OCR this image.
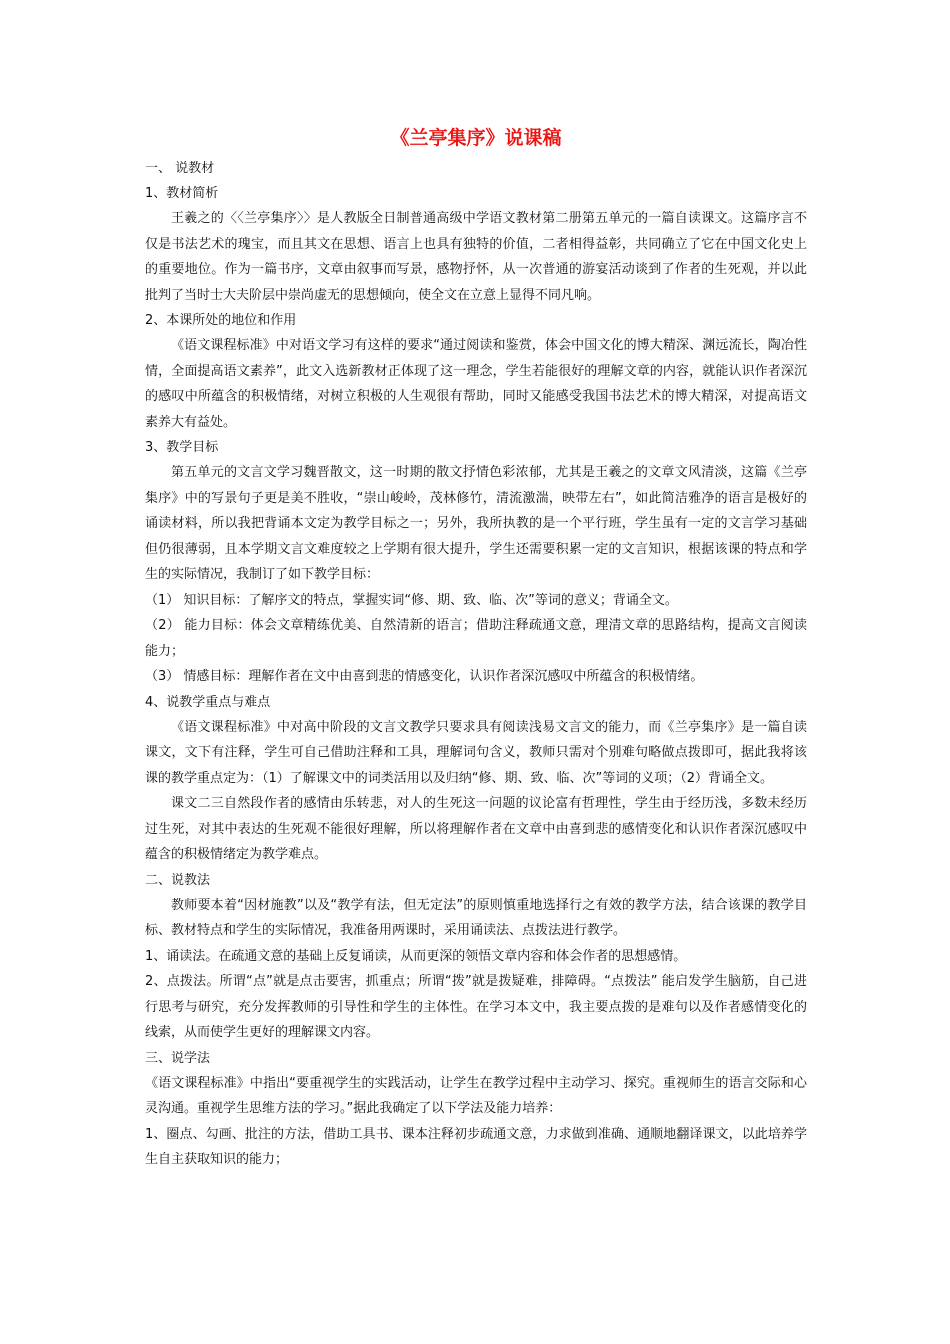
《兰亭集序》说课稿

一、 说教材

1、教材简析

王羲之的〈〈兰亭集序〉〉是人教版全日制普通高级中学语文教材第二册第五单元的一篇自读课文。这篇序言不仅是书法艺术的瑰宝，而且其文在思想、语言上也具有独特的价值，二者相得益彰，共同确立了它在中国文化史上的重要地位。作为一篇书序，文章由叙事而写景，感物抒怀，从一次普通的游宴活动谈到了作者的生死观，并以此批判了当时士大夫阶层中崇尚虚无的思想倾向，使全文在立意上显得不同凡响。

2、本课所处的地位和作用

《语文课程标准》中对语文学习有这样的要求“通过阅读和鉴赏，体会中国文化的博大精深、渊远流长，陶冶性情，全面提高语文素养”，此文入选新教材正体现了这一理念，学生若能很好的理解文章的内容，就能认识作者深沉的感叹中所蕴含的积极情绪，对树立积极的人生观很有帮助，同时又能感受我国书法艺术的博大精深，对提高语文素养大有益处。

3、教学目标

第五单元的文言文学习魏晋散文，这一时期的散文抒情色彩浓郁，尤其是王羲之的文章文风清淡，这篇《兰亭集序》中的写景句子更是美不胜收，“崇山峻岭，茂林修竹，清流激湍，映带左右”，如此简洁雅净的语言是极好的诵读材料，所以我把背诵本文定为教学目标之一；另外，我所执教的是一个平行班，学生虽有一定的文言学习基础但仍很薄弱，且本学期文言文难度较之上学期有很大提升，学生还需要积累一定的文言知识，根据该课的特点和学生的实际情况，我制订了如下教学目标：

（1） 知识目标：了解序文的特点，掌握实词“修、期、致、临、次”等词的意义；背诵全文。

（2） 能力目标：体会文章精练优美、自然清新的语言；借助注释疏通文意，理清文章的思路结构，提高文言阅读能力；

（3） 情感目标：理解作者在文中由喜到悲的情感变化，认识作者深沉感叹中所蕴含的积极情绪。

4、说教学重点与难点

《语文课程标准》中对高中阶段的文言文教学只要求具有阅读浅易文言文的能力，而《兰亭集序》是一篇自读课文，文下有注释，学生可自己借助注释和工具，理解词句含义，教师只需对个别难句略做点拨即可，据此我将该课的教学重点定为：（1）了解课文中的词类活用以及归纳“修、期、致、临、次”等词的义项；（2）背诵全文。

课文二三自然段作者的感情由乐转悲，对人的生死这一问题的议论富有哲理性，学生由于经历浅，多数未经历过生死，对其中表达的生死观不能很好理解，所以将理解作者在文章中由喜到悲的感情变化和认识作者深沉感叹中蕴含的积极情绪定为教学难点。

二、说教法

教师要本着“因材施教”以及“教学有法，但无定法”的原则慎重地选择行之有效的教学方法，结合该课的教学目标、教材特点和学生的实际情况，我准备用两课时，采用诵读法、点拨法进行教学。

1、诵读法。在疏通文意的基础上反复诵读，从而更深的领悟文章内容和体会作者的思想感情。

2、点拨法。所谓“点”就是点击要害，抓重点；所谓“拨”就是拨疑难，排障碍。“点拨法” 能启发学生脑筋，自己进行思考与研究，充分发挥教师的引导性和学生的主体性。在学习本文中，我主要点拨的是难句以及作者感情变化的线索，从而使学生更好的理解课文内容。

三、说学法

《语文课程标准》中指出“要重视学生的实践活动，让学生在教学过程中主动学习、探究。重视师生的语言交际和心灵沟通。重视学生思维方法的学习。”据此我确定了以下学法及能力培养：

1、圈点、勾画、批注的方法，借助工具书、课本注释初步疏通文意，力求做到准确、通顺地翻译课文，以此培养学生自主获取知识的能力；
